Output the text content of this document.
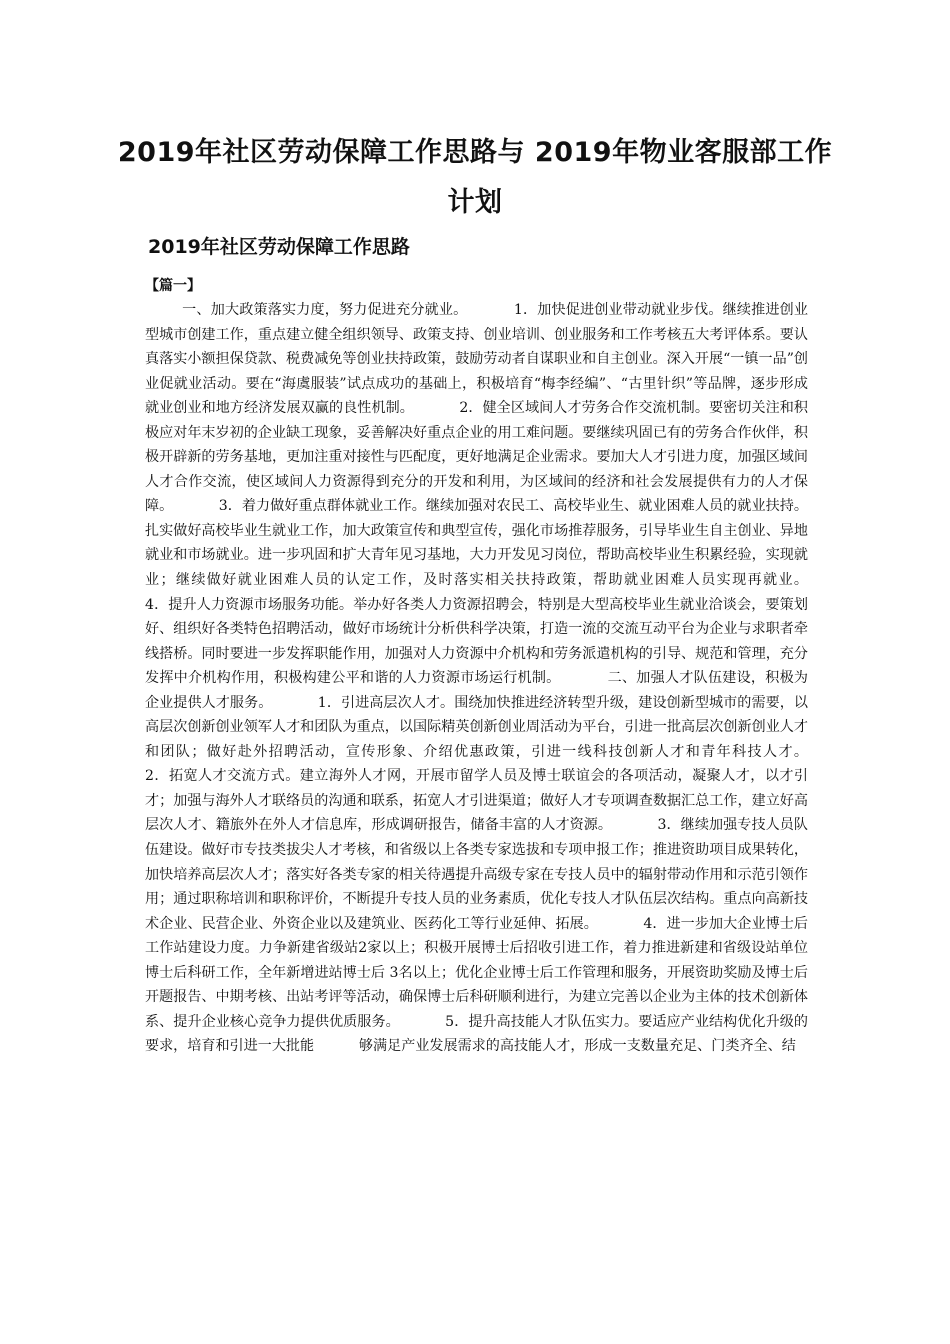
2019年社区劳动保障工作思路与 2019年物业客服部工作计划
2019年社区劳动保障工作思路
【篇一】

一、加大政策落实力度，努力促进充分就业。          1．加快促进创业带动就业步伐。继续推进创业型城市创建工作，重点建立健全组织领导、政策支持、创业培训、创业服务和工作考核五大考评体系。要认真落实小额担保贷款、税费减免等创业扶持政策，鼓励劳动者自谋职业和自主创业。深入开展“一镇一品”创业促就业活动。要在“海虞服装”试点成功的基础上，积极培育“梅李经编”、“古里针织”等品牌，逐步形成就业创业和地方经济发展双赢的良性机制。          2．健全区域间人才劳务合作交流机制。要密切关注和积极应对年末岁初的企业缺工现象，妥善解决好重点企业的用工难问题。要继续巩固已有的劳务合作伙伴，积极开辟新的劳务基地，更加注重对接性与匹配度，更好地满足企业需求。要加大人才引进力度，加强区域间人才合作交流，使区域间人力资源得到充分的开发和利用，为区域间的经济和社会发展提供有力的人才保障。          3．着力做好重点群体就业工作。继续加强对农民工、高校毕业生、就业困难人员的就业扶持。扎实做好高校毕业生就业工作，加大政策宣传和典型宣传，强化市场推荐服务，引导毕业生自主创业、异地就业和市场就业。进一步巩固和扩大青年见习基地，大力开发见习岗位，帮助高校毕业生积累经验，实现就业；继续做好就业困难人员的认定工作，及时落实相关扶持政策，帮助就业困难人员实现再就业。          4．提升人力资源市场服务功能。举办好各类人力资源招聘会，特别是大型高校毕业生就业洽谈会，要策划好、组织好各类特色招聘活动，做好市场统计分析供科学决策，打造一流的交流互动平台为企业与求职者牵线搭桥。同时要进一步发挥职能作用，加强对人力资源中介机构和劳务派遣机构的引导、规范和管理，充分发挥中介机构作用，积极构建公平和谐的人力资源市场运行机制。          二、加强人才队伍建设，积极为企业提供人才服务。          1．引进高层次人才。围绕加快推进经济转型升级，建设创新型城市的需要，以高层次创新创业领军人才和团队为重点，以国际精英创新创业周活动为平台，引进一批高层次创新创业人才和团队；做好赴外招聘活动，宣传形象、介绍优惠政策，引进一线科技创新人才和青年科技人才。          2．拓宽人才交流方式。建立海外人才网，开展市留学人员及博士联谊会的各项活动，凝聚人才，以才引才；加强与海外人才联络员的沟通和联系，拓宽人才引进渠道；做好人才专项调查数据汇总工作，建立好高层次人才、籍旅外在外人才信息库，形成调研报告，储备丰富的人才资源。          3．继续加强专技人员队伍建设。做好市专技类拔尖人才考核，和省级以上各类专家选拔和专项申报工作；推进资助项目成果转化，加快培养高层次人才；落实好各类专家的相关待遇提升高级专家在专技人员中的辐射带动作用和示范引领作用；通过职称培训和职称评价，不断提升专技人员的业务素质，优化专技人才队伍层次结构。重点向高新技术企业、民营企业、外资企业以及建筑业、医药化工等行业延伸、拓展。          4．进一步加大企业博士后工作站建设力度。力争新建省级站2家以上；积极开展博士后招收引进工作，着力推进新建和省级设站单位博士后科研工作，全年新增进站博士后 3名以上；优化企业博士后工作管理和服务，开展资助奖励及博士后开题报告、中期考核、出站考评等活动，确保博士后科研顺利进行，为建立完善以企业为主体的技术创新体系、提升企业核心竞争力提供优质服务。          5．提升高技能人才队伍实力。要适应产业结构优化升级的要求，培育和引进一大批能          够满足产业发展需求的高技能人才，形成一支数量充足、门类齐全、结
